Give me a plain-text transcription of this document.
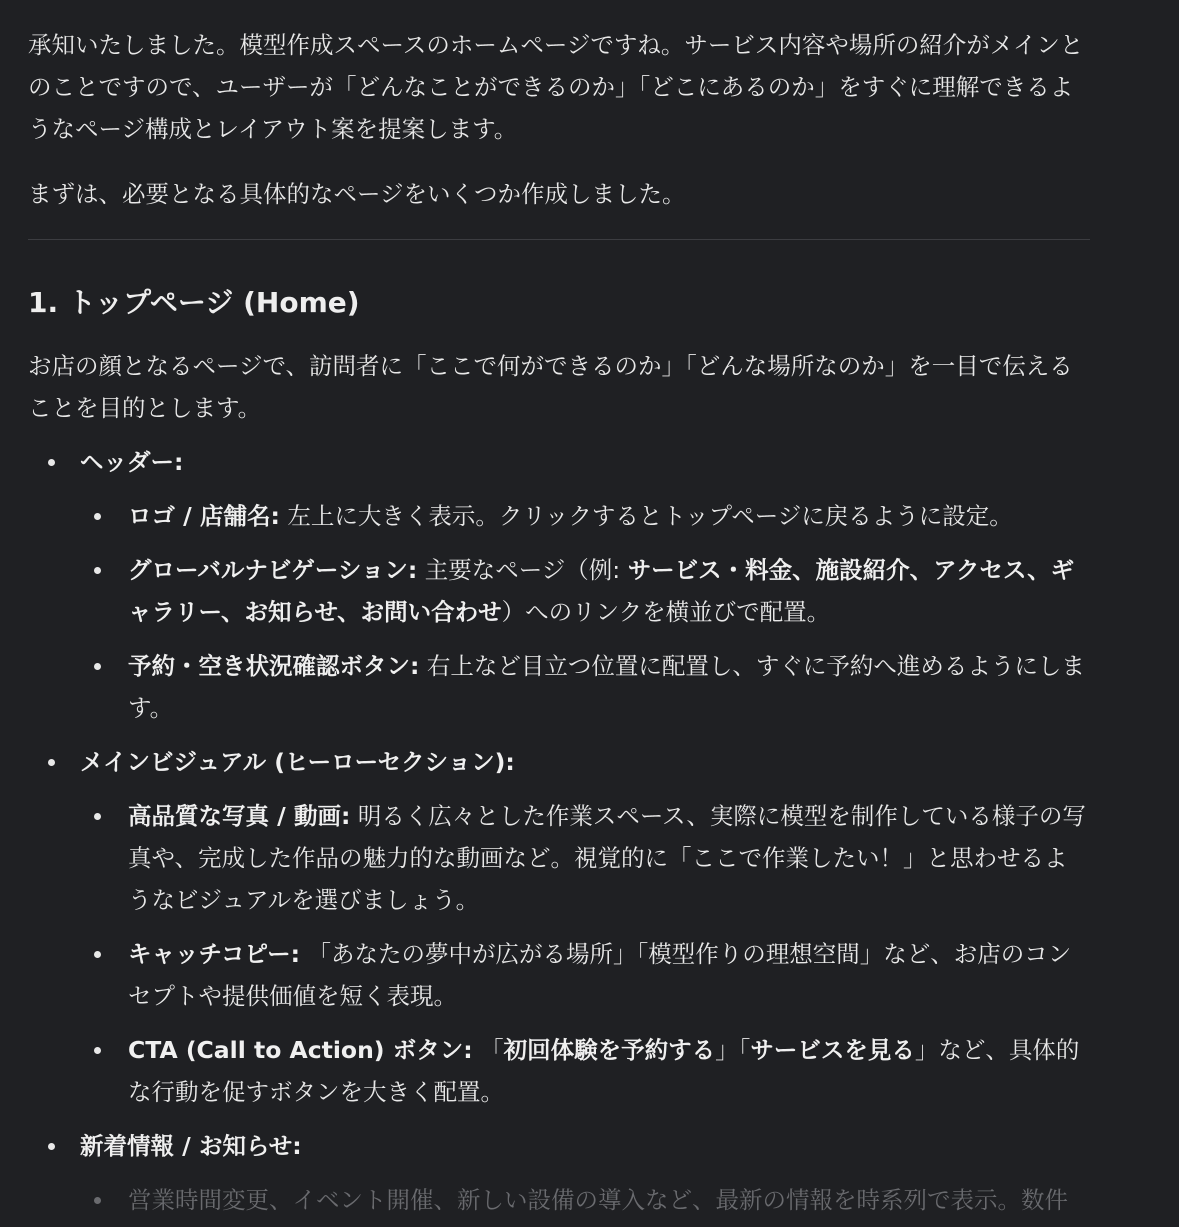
承知いたしました。模型作成スペースのホームページですね。サービス内容や場所の紹介がメインとのことですので、ユーザーが「どんなことができるのか」「どこにあるのか」をすぐに理解できるようなページ構成とレイアウト案を提案します。

まずは、必要となる具体的なページをいくつか作成しました。

1. トップページ (Home)

お店の顔となるページで、訪問者に「ここで何ができるのか」「どんな場所なのか」を一目で伝えることを目的とします。

ヘッダー:
ロゴ / 店舗名: 左上に大きく表示。クリックするとトップページに戻るように設定。
グローバルナビゲーション: 主要なページ（例: サービス・料金、施設紹介、アクセス、ギャラリー、お知らせ、お問い合わせ）へのリンクを横並びで配置。
予約・空き状況確認ボタン: 右上など目立つ位置に配置し、すぐに予約へ進めるようにします。
メインビジュアル (ヒーローセクション):
高品質な写真 / 動画: 明るく広々とした作業スペース、実際に模型を制作している様子の写真や、完成した作品の魅力的な動画など。視覚的に「ここで作業したい！」と思わせるようなビジュアルを選びましょう。
キャッチコピー: 「あなたの夢中が広がる場所」「模型作りの理想空間」など、お店のコンセプトや提供価値を短く表現。
CTA (Call to Action) ボタン: 「初回体験を予約する」「サービスを見る」など、具体的な行動を促すボタンを大きく配置。
新着情報 / お知らせ:
営業時間変更、イベント開催、新しい設備の導入など、最新の情報を時系列で表示。数件
